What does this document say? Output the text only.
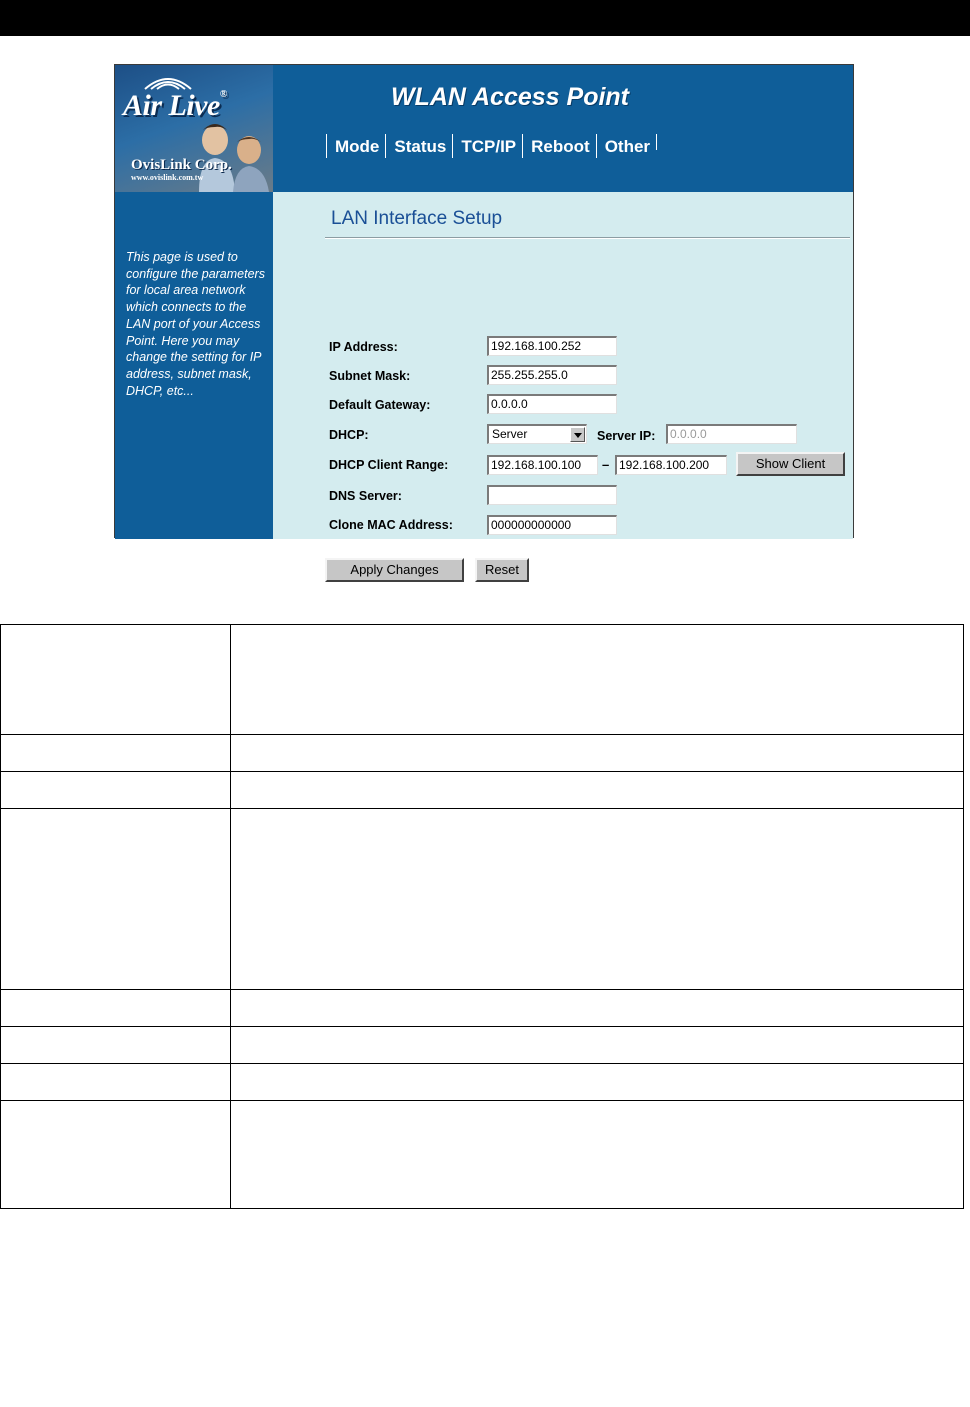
Air Live®
OvisLink Corp.
www.ovislink.com.tw
WLAN Access Point
Mode Status TCP/IP Reboot Other
This page is used to configure the parameters for local area network which connects to the LAN port of your Access Point. Here you may change the setting for IP address, subnet mask, DHCP, etc...
LAN Interface Setup
IP Address:	192.168.100.252
Subnet Mask:	255.255.255.0
Default Gateway:	0.0.0.0
DHCP:	Server	Server IP:	0.0.0.0
DHCP Client Range:	192.168.100.100	– 192.168.100.200	Show Client
DNS Server:
Clone MAC Address:	000000000000
Apply Changes	Reset
